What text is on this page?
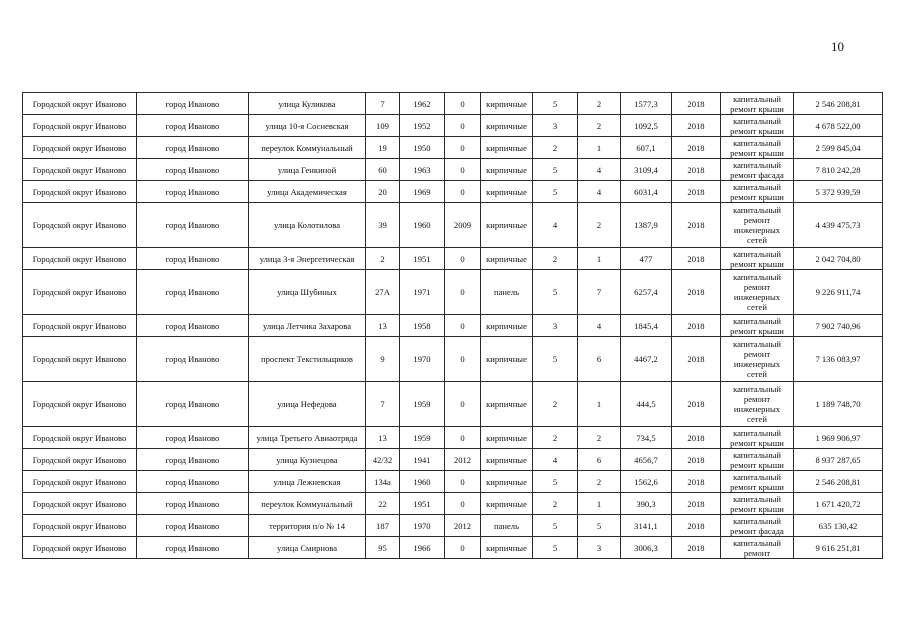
10
Городской округ Иваново	город Иваново	улица Куликова	7	1962	0	кирпичные	5	2	1577,3	2018	капитальный ремонт крыши	2 546 208,81
Городской округ Иваново	город Иваново	улица 10-я Сосневская	109	1952	0	кирпичные	3	2	1092,5	2018	капитальный ремонт крыши	4 678 522,00
Городской округ Иваново	город Иваново	переулок Коммунальный	19	1950	0	кирпичные	2	1	607,1	2018	капитальный ремонт крыши	2 599 845,04
Городской округ Иваново	город Иваново	улица Генкиной	60	1963	0	кирпичные	5	4	3109,4	2018	капитальный ремонт фасада	7 810 242,28
Городской округ Иваново	город Иваново	улица Академическая	20	1969	0	кирпичные	5	4	6031,4	2018	капитальный ремонт крыши	5 372 939,59
Городской округ Иваново	город Иваново	улица Колотилова	39	1960	2009	кирпичные	4	2	1387,9	2018	капитальный ремонт инженерных сетей	4 439 475,73
Городской округ Иваново	город Иваново	улица 3-я Энергетическая	2	1951	0	кирпичные	2	1	477	2018	капитальный ремонт крыши	2 042 704,80
Городской округ Иваново	город Иваново	улица Шубиных	27А	1971	0	панель	5	7	6257,4	2018	капитальный ремонт инженерных сетей	9 226 911,74
Городской округ Иваново	город Иваново	улица Летчика Захарова	13	1958	0	кирпичные	3	4	1845,4	2018	капитальный ремонт крыши	7 902 740,96
Городской округ Иваново	город Иваново	проспект Текстильщиков	9	1970	0	кирпичные	5	6	4467,2	2018	капитальный ремонт инженерных сетей	7 136 083,97
Городской округ Иваново	город Иваново	улица Нефедова	7	1959	0	кирпичные	2	1	444,5	2018	капитальный ремонт инженерных сетей	1 189 748,70
Городской округ Иваново	город Иваново	улица Третьего Авиаотряда	13	1959	0	кирпичные	2	2	734,5	2018	капитальный ремонт крыши	1 969 906,97
Городской округ Иваново	город Иваново	улица Кузнецова	42/32	1941	2012	кирпичные	4	6	4656,7	2018	капитальный ремонт крыши	8 937 287,65
Городской округ Иваново	город Иваново	улица Лежневская	134а	1960	0	кирпичные	5	2	1562,6	2018	капитальный ремонт крыши	2 546 208,81
Городской округ Иваново	город Иваново	переулок Коммунальный	22	1951	0	кирпичные	2	1	390,3	2018	капитальный ремонт крыши	1 671 420,72
Городской округ Иваново	город Иваново	территория п/о № 14	187	1970	2012	панель	5	5	3141,1	2018	капитальный ремонт фасада	635 130,42
Городской округ Иваново	город Иваново	улица Смирнова	95	1966	0	кирпичные	5	3	3006,3	2018	капитальный ремонт	9 616 251,81
